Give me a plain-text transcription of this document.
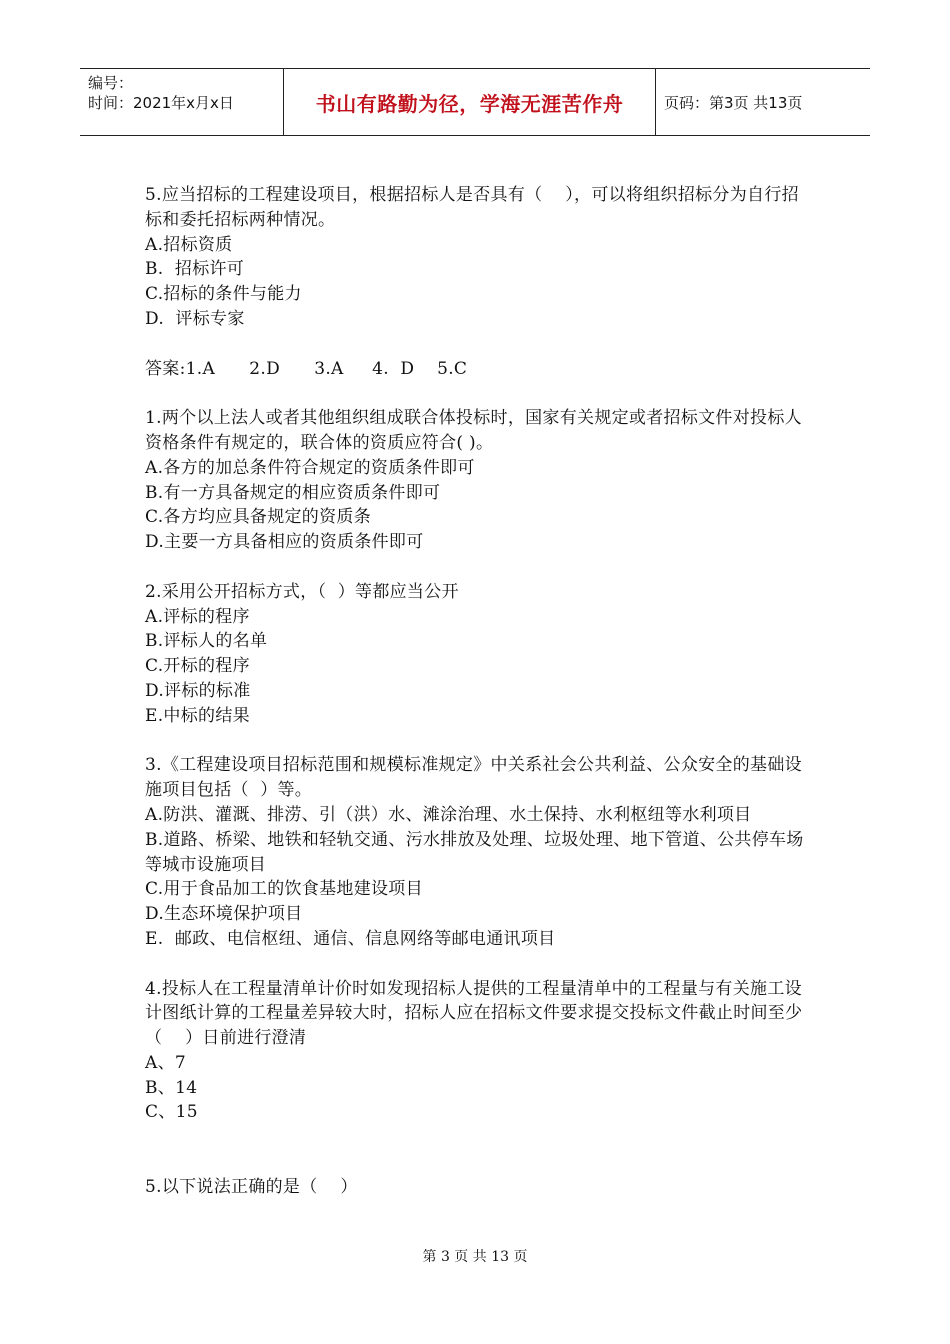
编号：
时间：2021年x月x日	书山有路勤为径，学海无涯苦作舟	页码：第3页 共13页

5.应当招标的工程建设项目，根据招标人是否具有（    ），可以将组织招标分为自行招标和委托招标两种情况。

A.招标资质

B.  招标许可

C.招标的条件与能力

D.  评标专家

答案:1.A      2.D      3.A     4.  D    5.C

1.两个以上法人或者其他组织组成联合体投标时，国家有关规定或者招标文件对投标人资格条件有规定的，联合体的资质应符合( )。

A.各方的加总条件符合规定的资质条件即可

B.有一方具备规定的相应资质条件即可

C.各方均应具备规定的资质条

D.主要一方具备相应的资质条件即可

2.采用公开招标方式，（  ）等都应当公开

A.评标的程序

B.评标人的名单

C.开标的程序

D.评标的标准

E.中标的结果

3.《工程建设项目招标范围和规模标准规定》中关系社会公共利益、公众安全的基础设施项目包括（  ）等。

A.防洪、灌溉、排涝、引（洪）水、滩涂治理、水土保持、水利枢纽等水利项目

B.道路、桥梁、地铁和轻轨交通、污水排放及处理、垃圾处理、地下管道、公共停车场等城市设施项目

C.用于食品加工的饮食基地建设项目

D.生态环境保护项目

E.  邮政、电信枢纽、通信、信息网络等邮电通讯项目

4.投标人在工程量清单计价时如发现招标人提供的工程量清单中的工程量与有关施工设计图纸计算的工程量差异较大时，招标人应在招标文件要求提交投标文件截止时间至少（    ）日前进行澄清

A、7

B、14

C、15

5.以下说法正确的是（    ）

第 3 页 共 13 页
